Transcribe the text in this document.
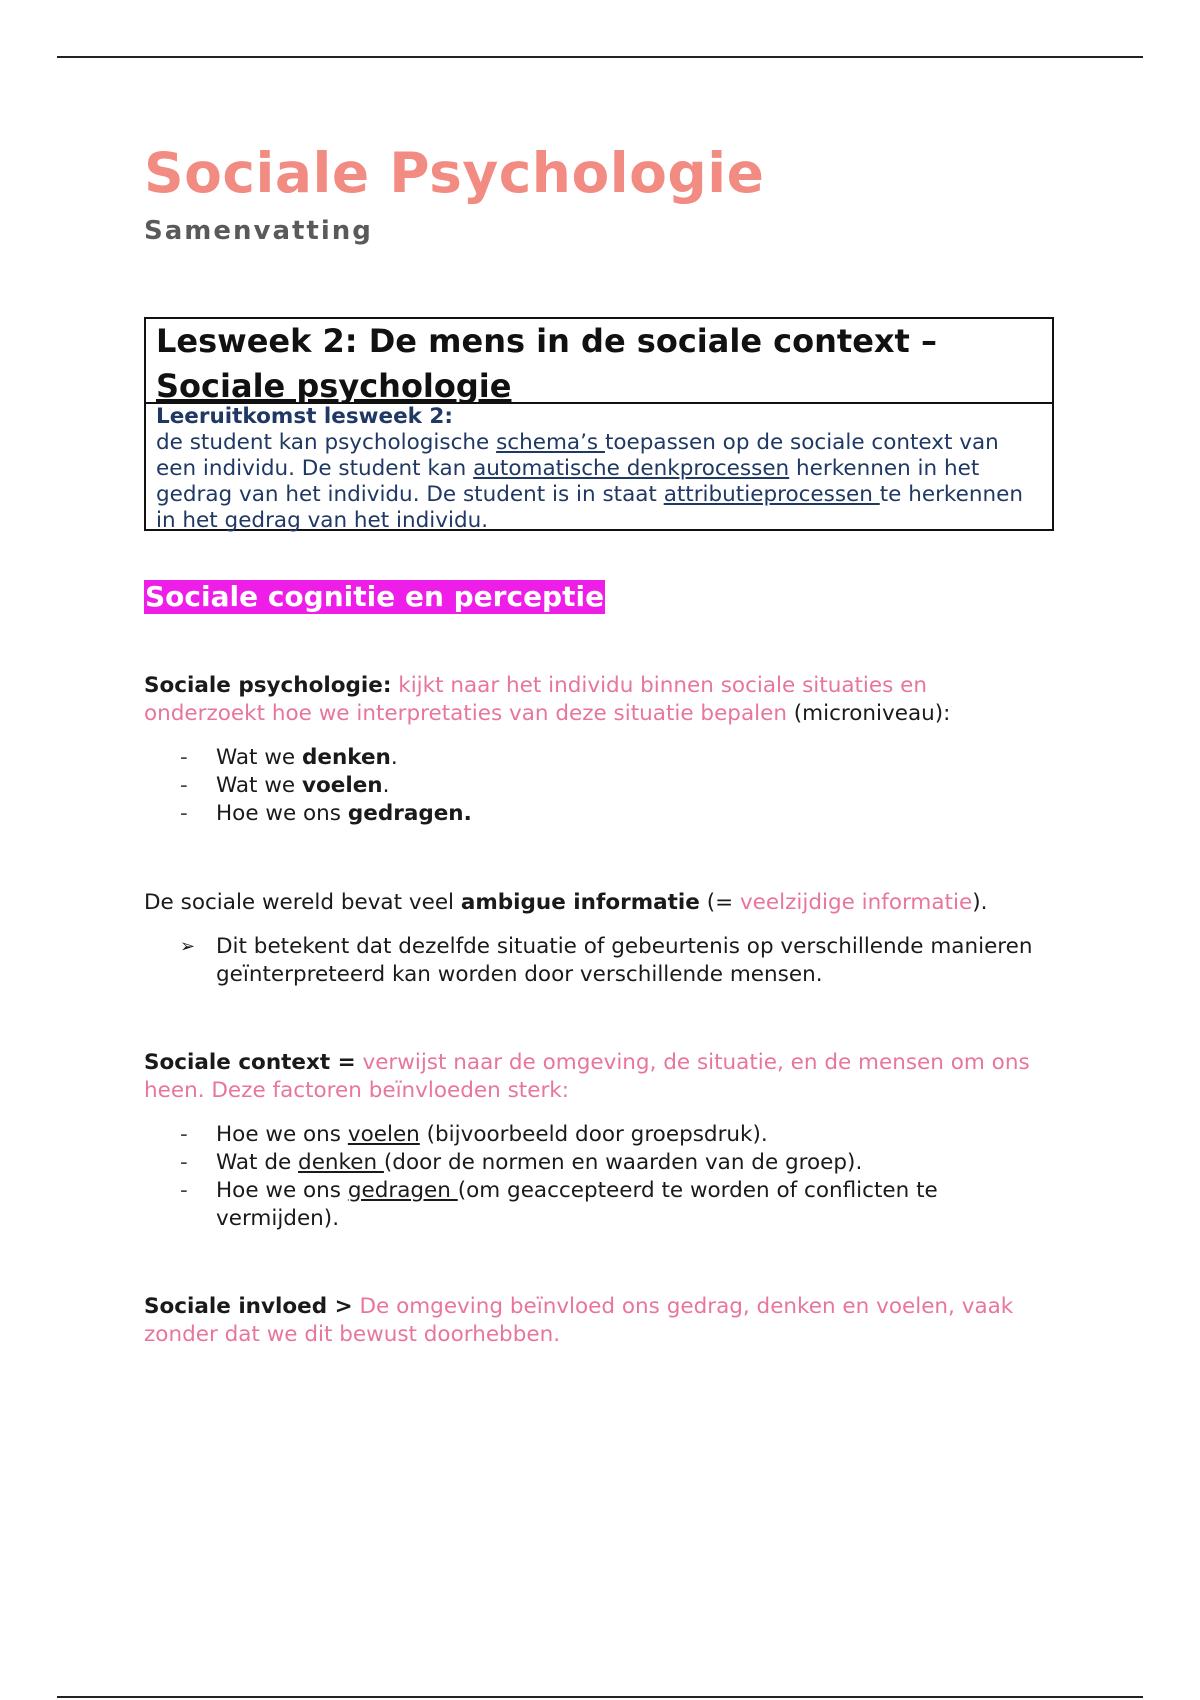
Sociale Psychologie
Samenvatting
Lesweek 2: De mens in de sociale context –
Sociale psychologie
Leeruitkomst lesweek 2:
de student kan psychologische schema’s toepassen op de sociale context van een individu. De student kan automatische denkprocessen herkennen in het gedrag van het individu. De student is in staat attributieprocessen te herkennen in het gedrag van het individu.
Sociale cognitie en perceptie
Sociale psychologie: kijkt naar het individu binnen sociale situaties en onderzoekt hoe we interpretaties van deze situatie bepalen (microniveau):
- Wat we denken.
- Wat we voelen.
- Hoe we ons gedragen.
De sociale wereld bevat veel ambigue informatie (= veelzijdige informatie).
➢ Dit betekent dat dezelfde situatie of gebeurtenis op verschillende manieren geïnterpreteerd kan worden door verschillende mensen.
Sociale context = verwijst naar de omgeving, de situatie, en de mensen om ons heen. Deze factoren beïnvloeden sterk:
- Hoe we ons voelen (bijvoorbeeld door groepsdruk).
- Wat de denken (door de normen en waarden van de groep).
- Hoe we ons gedragen (om geaccepteerd te worden of conflicten te vermijden).
Sociale invloed > De omgeving beïnvloed ons gedrag, denken en voelen, vaak zonder dat we dit bewust doorhebben.
